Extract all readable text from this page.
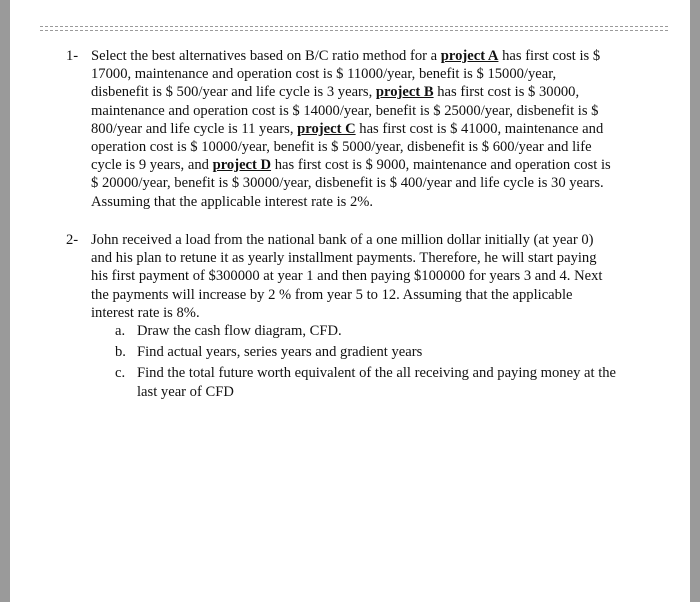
1- Select the best alternatives based on B/C ratio method for a project A has first cost is $
17000, maintenance and operation cost is $ 11000/year, benefit is $ 15000/year,
disbenefit is $ 500/year and life cycle is 3 years, project B has first cost is $ 30000,
maintenance and operation cost is $ 14000/year, benefit is $ 25000/year, disbenefit is $
800/year and life cycle is 11 years, project C has first cost is $ 41000, maintenance and
operation cost is $ 10000/year, benefit is $ 5000/year, disbenefit is $ 600/year and life
cycle is 9 years, and project D has first cost is $ 9000, maintenance and operation cost is
$ 20000/year, benefit is $ 30000/year, disbenefit is $ 400/year and life cycle is 30 years.
Assuming that the applicable interest rate is 2%.
2- John received a load from the national bank of a one million dollar initially (at year 0)
and his plan to retune it as yearly installment payments. Therefore, he will start paying
his first payment of $300000 at year 1 and then paying $100000 for years 3 and 4. Next
the payments will increase by 2 % from year 5 to 12. Assuming that the applicable
interest rate is 8%.
a. Draw the cash flow diagram, CFD.
b. Find actual years, series years and gradient years
c. Find the total future worth equivalent of the all receiving and paying money at the
last year of CFD
